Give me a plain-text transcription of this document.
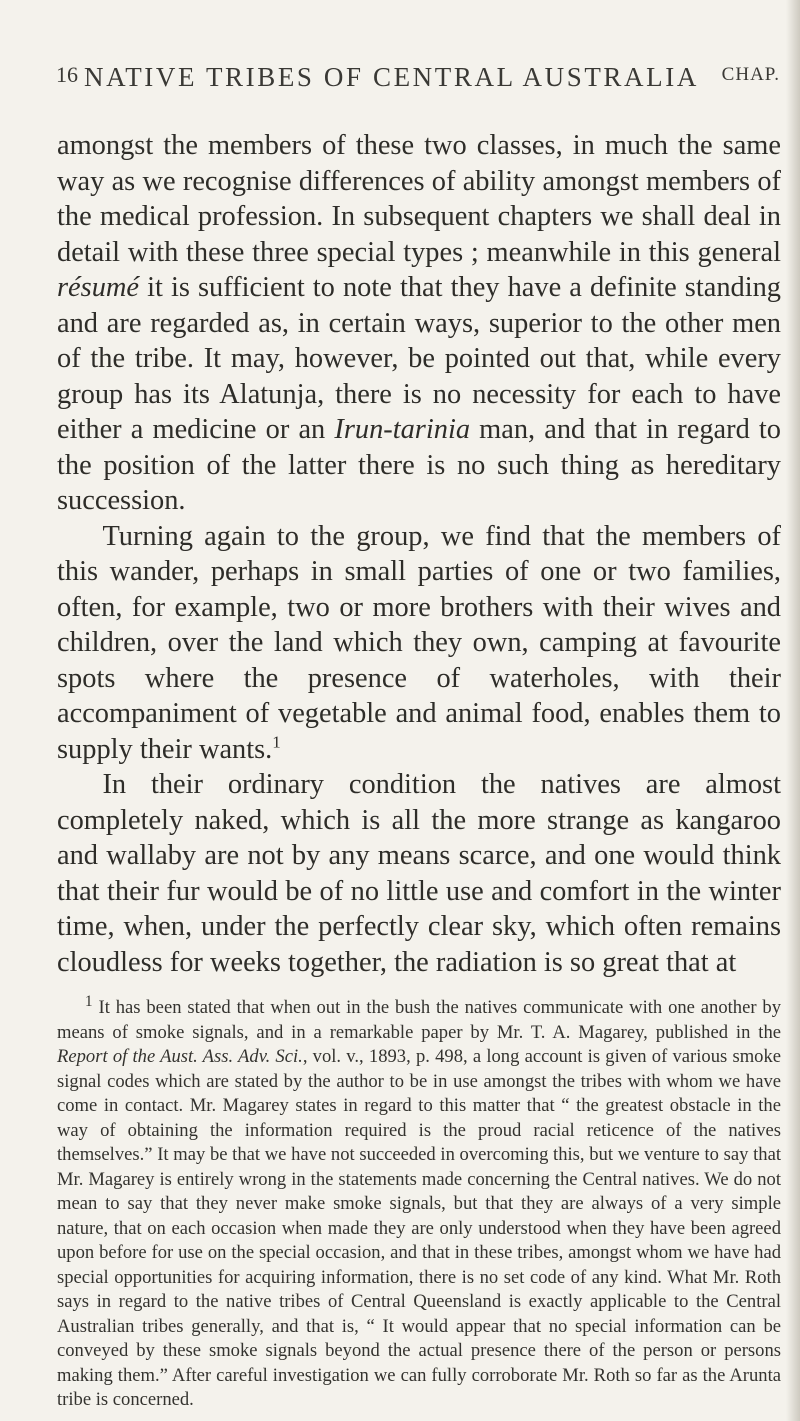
16 NATIVE TRIBES OF CENTRAL AUSTRALIA CHAP.

amongst the members of these two classes, in much the same way as we recognise differences of ability amongst members of the medical profession. In subsequent chapters we shall deal in detail with these three special types ; meanwhile in this general résumé it is sufficient to note that they have a definite standing and are regarded as, in certain ways, superior to the other men of the tribe. It may, however, be pointed out that, while every group has its Alatunja, there is no necessity for each to have either a medicine or an Irun-tarinia man, and that in regard to the position of the latter there is no such thing as hereditary succession.

Turning again to the group, we find that the members of this wander, perhaps in small parties of one or two families, often, for example, two or more brothers with their wives and children, over the land which they own, camping at favourite spots where the presence of waterholes, with their accompaniment of vegetable and animal food, enables them to supply their wants.$^1$

In their ordinary condition the natives are almost completely naked, which is all the more strange as kangaroo and wallaby are not by any means scarce, and one would think that their fur would be of no little use and comfort in the winter time, when, under the perfectly clear sky, which often remains cloudless for weeks together, the radiation is so great that at

$^1$ It has been stated that when out in the bush the natives communicate with one another by means of smoke signals, and in a remarkable paper by Mr. T. A. Magarey, published in the Report of the Aust. Ass. Adv. Sci., vol. v., 1893, p. 498, a long account is given of various smoke signal codes which are stated by the author to be in use amongst the tribes with whom we have come in contact. Mr. Magarey states in regard to this matter that “ the greatest obstacle in the way of obtaining the information required is the proud racial reticence of the natives themselves.” It may be that we have not succeeded in overcoming this, but we venture to say that Mr. Magarey is entirely wrong in the statements made concerning the Central natives. We do not mean to say that they never make smoke signals, but that they are always of a very simple nature, that on each occasion when made they are only understood when they have been agreed upon before for use on the special occasion, and that in these tribes, amongst whom we have had special opportunities for acquiring information, there is no set code of any kind. What Mr. Roth says in regard to the native tribes of Central Queensland is exactly applicable to the Central Australian tribes generally, and that is, “ It would appear that no special information can be conveyed by these smoke signals beyond the actual presence there of the person or persons making them.” After careful investigation we can fully corroborate Mr. Roth so far as the Arunta tribe is concerned.
